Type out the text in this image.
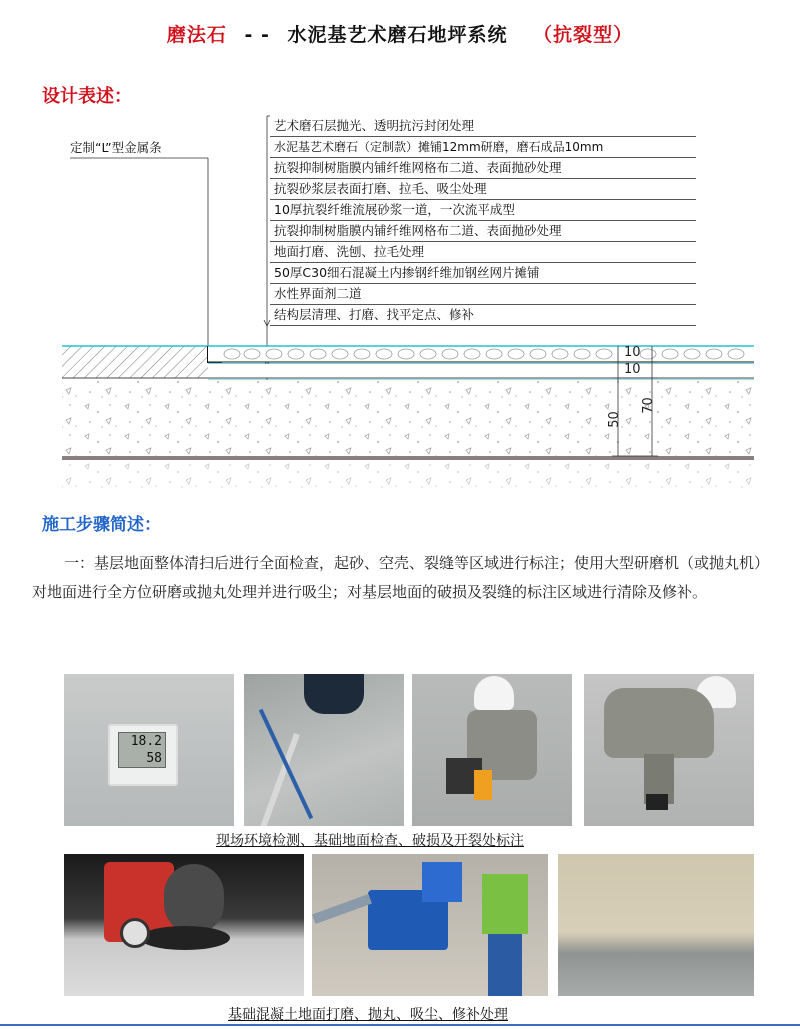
磨法石 - - 水泥基艺术磨石地坪系统 （抗裂型）
设计表述：
艺术磨石层抛光、透明抗污封闭处理
水泥基艺术磨石（定制款）摊铺12mm研磨，磨石成品10mm
抗裂抑制树脂膜内铺纤维网格布二道、表面抛砂处理
抗裂砂浆层表面打磨、拉毛、吸尘处理
10厚抗裂纤维流展砂浆一道，一次流平成型
抗裂抑制树脂膜内铺纤维网格布二道、表面抛砂处理
地面打磨、洗刨、拉毛处理
50厚C30细石混凝土内掺钢纤维加钢丝网片摊铺
水性界面剂二道
结构层清理、打磨、找平定点、修补
定制“L”型金属条
10
10
50
70
施工步骤简述：
一：基层地面整体清扫后进行全面检查，起砂、空壳、裂缝等区域进行标注；使用大型研磨机（或抛丸机）对地面进行全方位研磨或抛丸处理并进行吸尘；对基层地面的破损及裂缝的标注区域进行清除及修补。
18.2
58
现场环境检测、基础地面检查、破损及开裂处标注
基础混凝土地面打磨、抛丸、吸尘、修补处理
